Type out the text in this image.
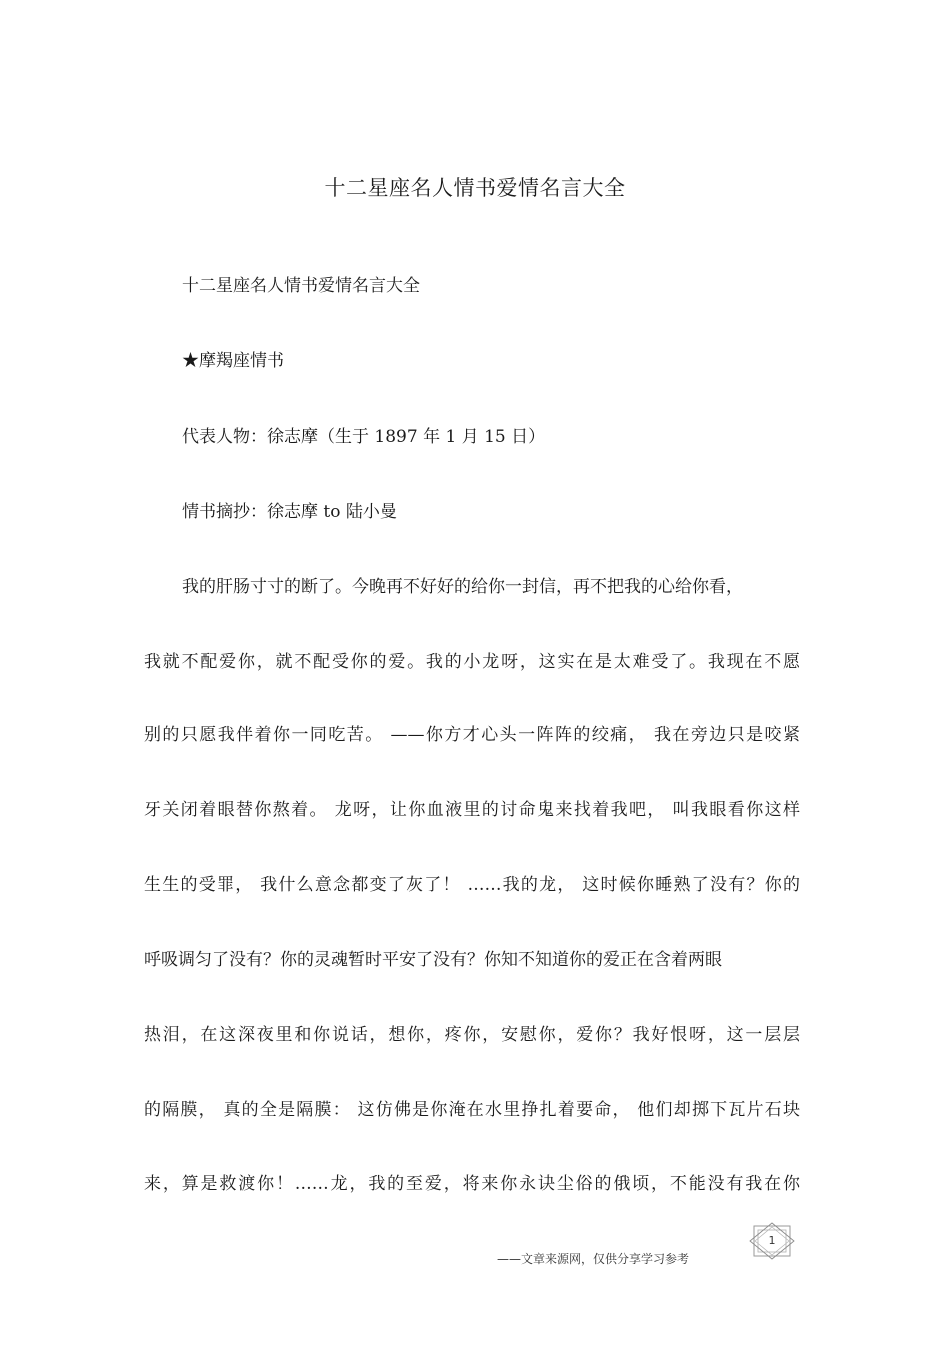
十二星座名人情书爱情名言大全
十二星座名人情书爱情名言大全
★摩羯座情书
代表人物：徐志摩（生于 1897 年 1 月 15 日）
情书摘抄：徐志摩 to 陆小曼
我的肝肠寸寸的断了。今晚再不好好的给你一封信，再不把我的心给你看，
我就不配爱你，就不配受你的爱。我的小龙呀，这实在是太难受了。我现在不愿
别的只愿我伴着你一同吃苦。 ——你方才心头一阵阵的绞痛， 我在旁边只是咬紧
牙关闭着眼替你熬着。 龙呀，让你血液里的讨命鬼来找着我吧， 叫我眼看你这样
生生的受罪， 我什么意念都变了灰了！ ……我的龙， 这时候你睡熟了没有？你的
呼吸调匀了没有？你的灵魂暂时平安了没有？你知不知道你的爱正在含着两眼
热泪，在这深夜里和你说话，想你，疼你，安慰你，爱你？我好恨呀，这一层层
的隔膜， 真的全是隔膜： 这仿佛是你淹在水里挣扎着要命， 他们却掷下瓦片石块
来，算是救渡你！……龙，我的至爱，将来你永诀尘俗的俄顷，不能没有我在你
——文章来源网，仅供分享学习参考
1
